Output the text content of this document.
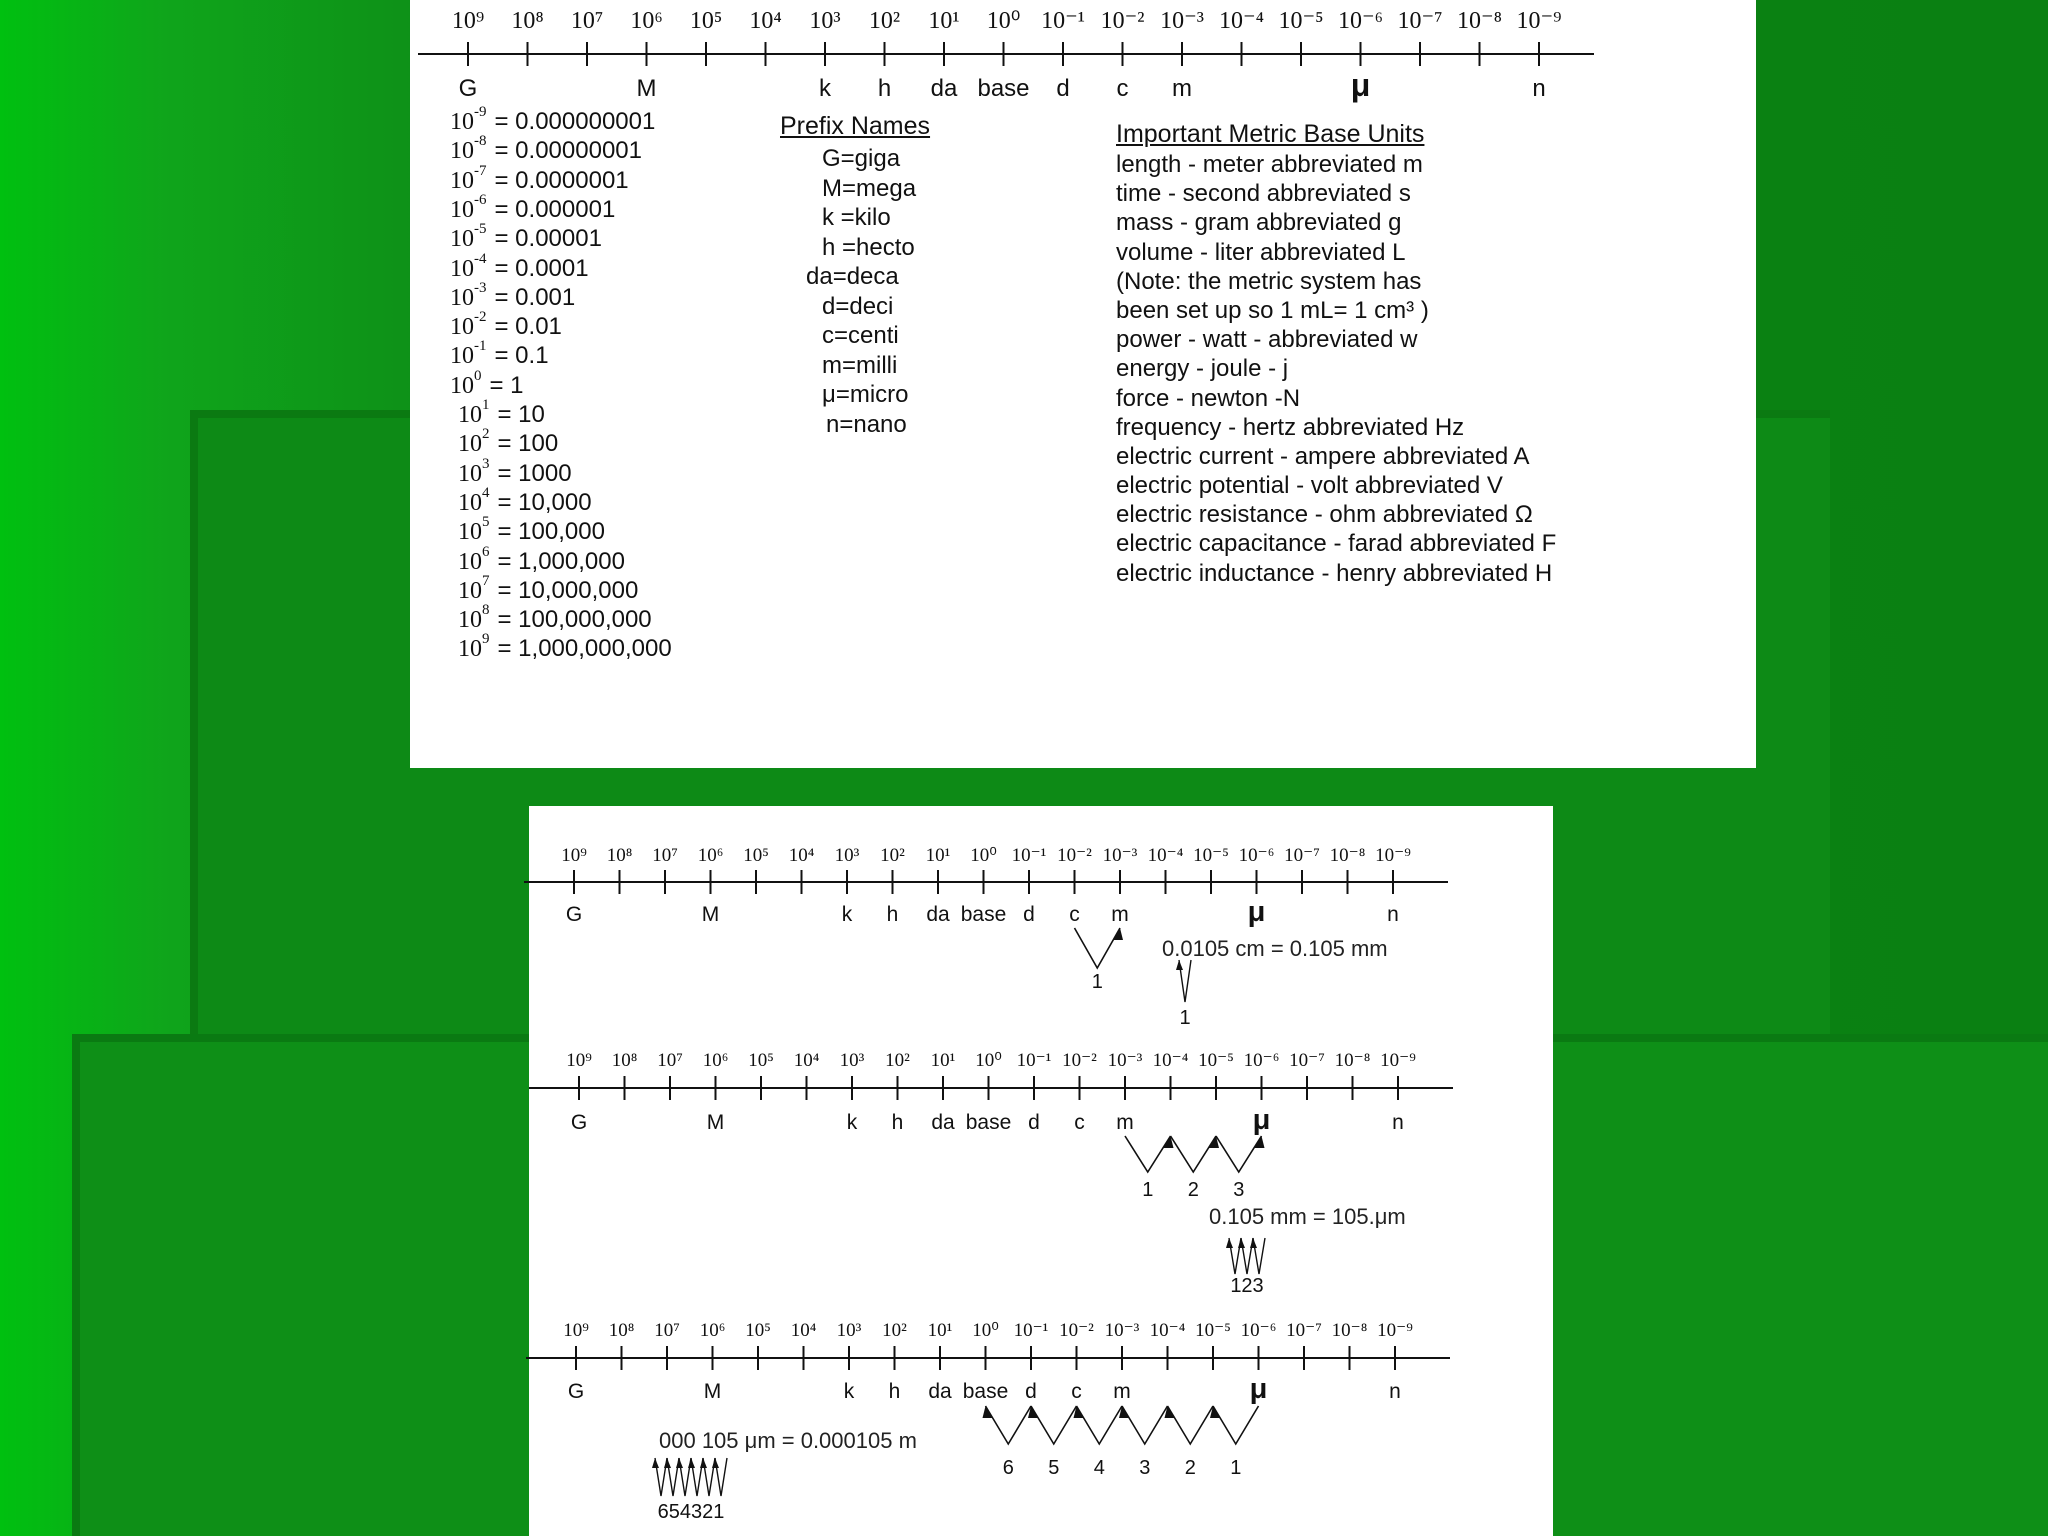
10⁹ 10⁸ 10⁷ 10⁶ 10⁵ 10⁴ 10³ 10² 10¹ 10⁰ 10⁻¹ 10⁻² 10⁻³ 10⁻⁴ 10⁻⁵ 10⁻⁶ 10⁻⁷ 10⁻⁸ 10⁻⁹
G	M	k h da base d c m	μ	n
$10^{-9} = 0.000000001$
$10^{-8} = 0.00000001$
$10^{-7} = 0.0000001$
$10^{-6} = 0.000001$
$10^{-5} = 0.00001$
$10^{-4} = 0.0001$
$10^{-3} = 0.001$
$10^{-2} = 0.01$
$10^{-1} = 0.1$
$10^0 = 1$
$10^1 = 10$
$10^2 = 100$
$10^3 = 1000$
$10^4 = 10,000$
$10^5 = 100,000$
$10^6 = 1,000,000$
$10^7 = 10,000,000$
$10^8 = 100,000,000$
$10^9 = 1,000,000,000$
Prefix Names
G=giga
M=mega
k =kilo
h =hecto
da=deca
d=deci
c=centi
m=milli
μ=micro
n=nano
Important Metric Base Units
length - meter abbreviated m
time - second abbreviated s
mass - gram abbreviated g
volume - liter abbreviated L
(Note: the metric system has
been set up so 1 mL= 1 cm³ )
power - watt - abbreviated w
energy - joule - j
force - newton -N
frequency - hertz abbreviated Hz
electric current - ampere abbreviated A
electric potential - volt abbreviated V
electric resistance - ohm abbreviated Ω
electric capacitance - farad abbreviated F
electric inductance - henry abbreviated H
10⁹ 10⁸ 10⁷ 10⁶ 10⁵ 10⁴ 10³ 10² 10¹ 10⁰ 10⁻¹ 10⁻² 10⁻³ 10⁻⁴ 10⁻⁵ 10⁻⁶ 10⁻⁷ 10⁻⁸ 10⁻⁹
G	M	k h da base d c m	μ	n
1
1
10⁹ 10⁸ 10⁷ 10⁶ 10⁵ 10⁴ 10³ 10² 10¹ 10⁰ 10⁻¹ 10⁻² 10⁻³ 10⁻⁴ 10⁻⁵ 10⁻⁶ 10⁻⁷ 10⁻⁸ 10⁻⁹
G	M	k h da base d c m	μ	n
1 2 3
123
10⁹ 10⁸ 10⁷ 10⁶ 10⁵ 10⁴ 10³ 10² 10¹ 10⁰ 10⁻¹ 10⁻² 10⁻³ 10⁻⁴ 10⁻⁵ 10⁻⁶ 10⁻⁷ 10⁻⁸ 10⁻⁹
G	M	k h da base d c m	μ	n
6 5 4 3 2 1
654321
0.0105 cm = 0.105 mm
0.105 mm = 105.μm
000 105 μm = 0.000105 m
